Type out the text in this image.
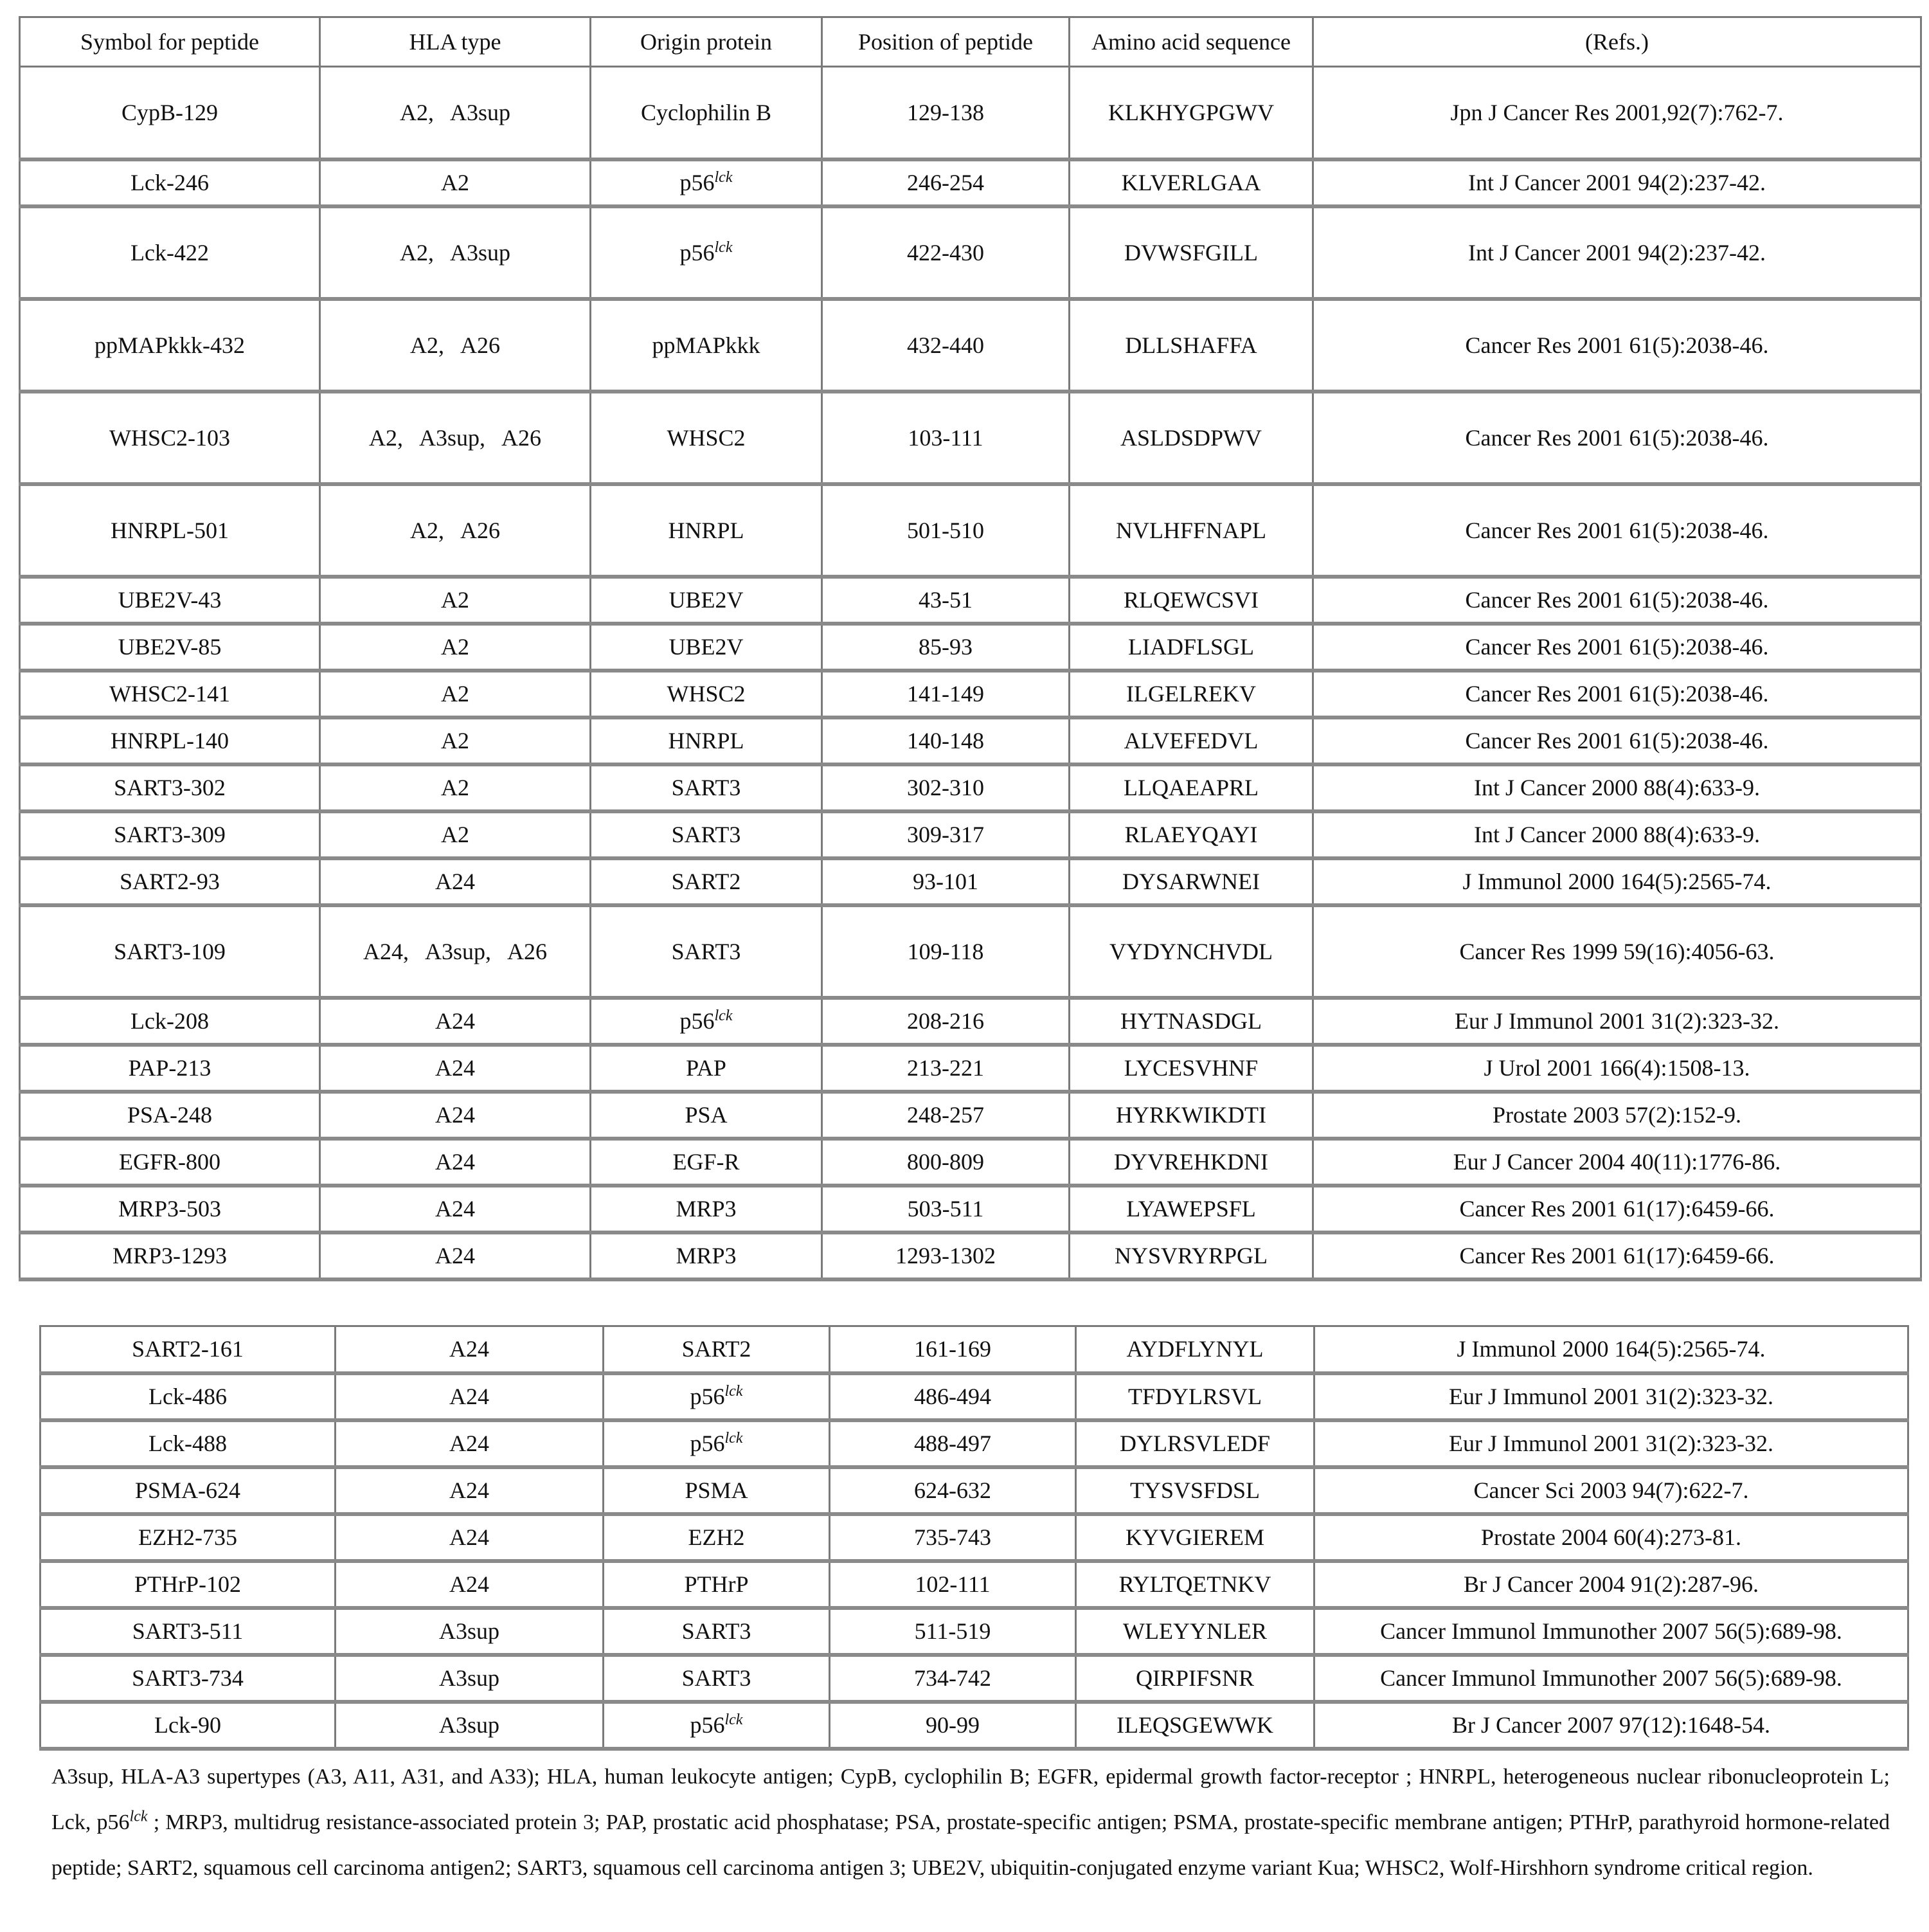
Symbol for peptide	HLA type	Origin protein	Position of peptide	Amino acid sequence	(Refs.)
CypB-129	A2,   A3sup	Cyclophilin B	129-138	KLKHYGPGWV	Jpn J Cancer Res 2001,92(7):762-7.
Lck-246	A2	$p56^{lck}$	246-254	KLVERLGAA	Int J Cancer 2001 94(2):237-42.
Lck-422	A2,   A3sup	$p56^{lck}$	422-430	DVWSFGILL	Int J Cancer 2001 94(2):237-42.
ppMAPkkk-432	A2,   A26	ppMAPkkk	432-440	DLLSHAFFA	Cancer Res 2001 61(5):2038-46.
WHSC2-103	A2,   A3sup,   A26	WHSC2	103-111	ASLDSDPWV	Cancer Res 2001 61(5):2038-46.
HNRPL-501	A2,   A26	HNRPL	501-510	NVLHFFNAPL	Cancer Res 2001 61(5):2038-46.
UBE2V-43	A2	UBE2V	43-51	RLQEWCSVI	Cancer Res 2001 61(5):2038-46.
UBE2V-85	A2	UBE2V	85-93	LIADFLSGL	Cancer Res 2001 61(5):2038-46.
WHSC2-141	A2	WHSC2	141-149	ILGELREKV	Cancer Res 2001 61(5):2038-46.
HNRPL-140	A2	HNRPL	140-148	ALVEFEDVL	Cancer Res 2001 61(5):2038-46.
SART3-302	A2	SART3	302-310	LLQAEAPRL	Int J Cancer 2000 88(4):633-9.
SART3-309	A2	SART3	309-317	RLAEYQAYI	Int J Cancer 2000 88(4):633-9.
SART2-93	A24	SART2	93-101	DYSARWNEI	J Immunol 2000 164(5):2565-74.
SART3-109	A24,   A3sup,   A26	SART3	109-118	VYDYNCHVDL	Cancer Res 1999 59(16):4056-63.
Lck-208	A24	$p56^{lck}$	208-216	HYTNASDGL	Eur J Immunol 2001 31(2):323-32.
PAP-213	A24	PAP	213-221	LYCESVHNF	J Urol 2001 166(4):1508-13.
PSA-248	A24	PSA	248-257	HYRKWIKDTI	Prostate 2003 57(2):152-9.
EGFR-800	A24	EGF-R	800-809	DYVREHKDNI	Eur J Cancer 2004 40(11):1776-86.
MRP3-503	A24	MRP3	503-511	LYAWEPSFL	Cancer Res 2001 61(17):6459-66.
MRP3-1293	A24	MRP3	1293-1302	NYSVRYRPGL	Cancer Res 2001 61(17):6459-66.
SART2-161	A24	SART2	161-169	AYDFLYNYL	J Immunol 2000 164(5):2565-74.
Lck-486	A24	$p56^{lck}$	486-494	TFDYLRSVL	Eur J Immunol 2001 31(2):323-32.
Lck-488	A24	$p56^{lck}$	488-497	DYLRSVLEDF	Eur J Immunol 2001 31(2):323-32.
PSMA-624	A24	PSMA	624-632	TYSVSFDSL	Cancer Sci 2003 94(7):622-7.
EZH2-735	A24	EZH2	735-743	KYVGIEREM	Prostate 2004 60(4):273-81.
PTHrP-102	A24	PTHrP	102-111	RYLTQETNKV	Br J Cancer 2004 91(2):287-96.
SART3-511	A3sup	SART3	511-519	WLEYYNLER	Cancer Immunol Immunother 2007 56(5):689-98.
SART3-734	A3sup	SART3	734-742	QIRPIFSNR	Cancer Immunol Immunother 2007 56(5):689-98.
Lck-90	A3sup	$p56^{lck}$	90-99	ILEQSGEWWK	Br J Cancer 2007 97(12):1648-54.

A3sup, HLA-A3 supertypes (A3, A11, A31, and A33); HLA, human leukocyte antigen; CypB, cyclophilin B; EGFR, epidermal growth factor-receptor ; HNRPL, heterogeneous nuclear ribonucleoprotein L; Lck, $p56^{lck}$ ; MRP3, multidrug resistance-associated protein 3; PAP, prostatic acid phosphatase; PSA, prostate-specific antigen; PSMA, prostate-specific membrane antigen; PTHrP, parathyroid hormone-related peptide; SART2, squamous cell carcinoma antigen2; SART3, squamous cell carcinoma antigen 3; UBE2V, ubiquitin-conjugated enzyme variant Kua; WHSC2, Wolf-Hirshhorn syndrome critical region.
